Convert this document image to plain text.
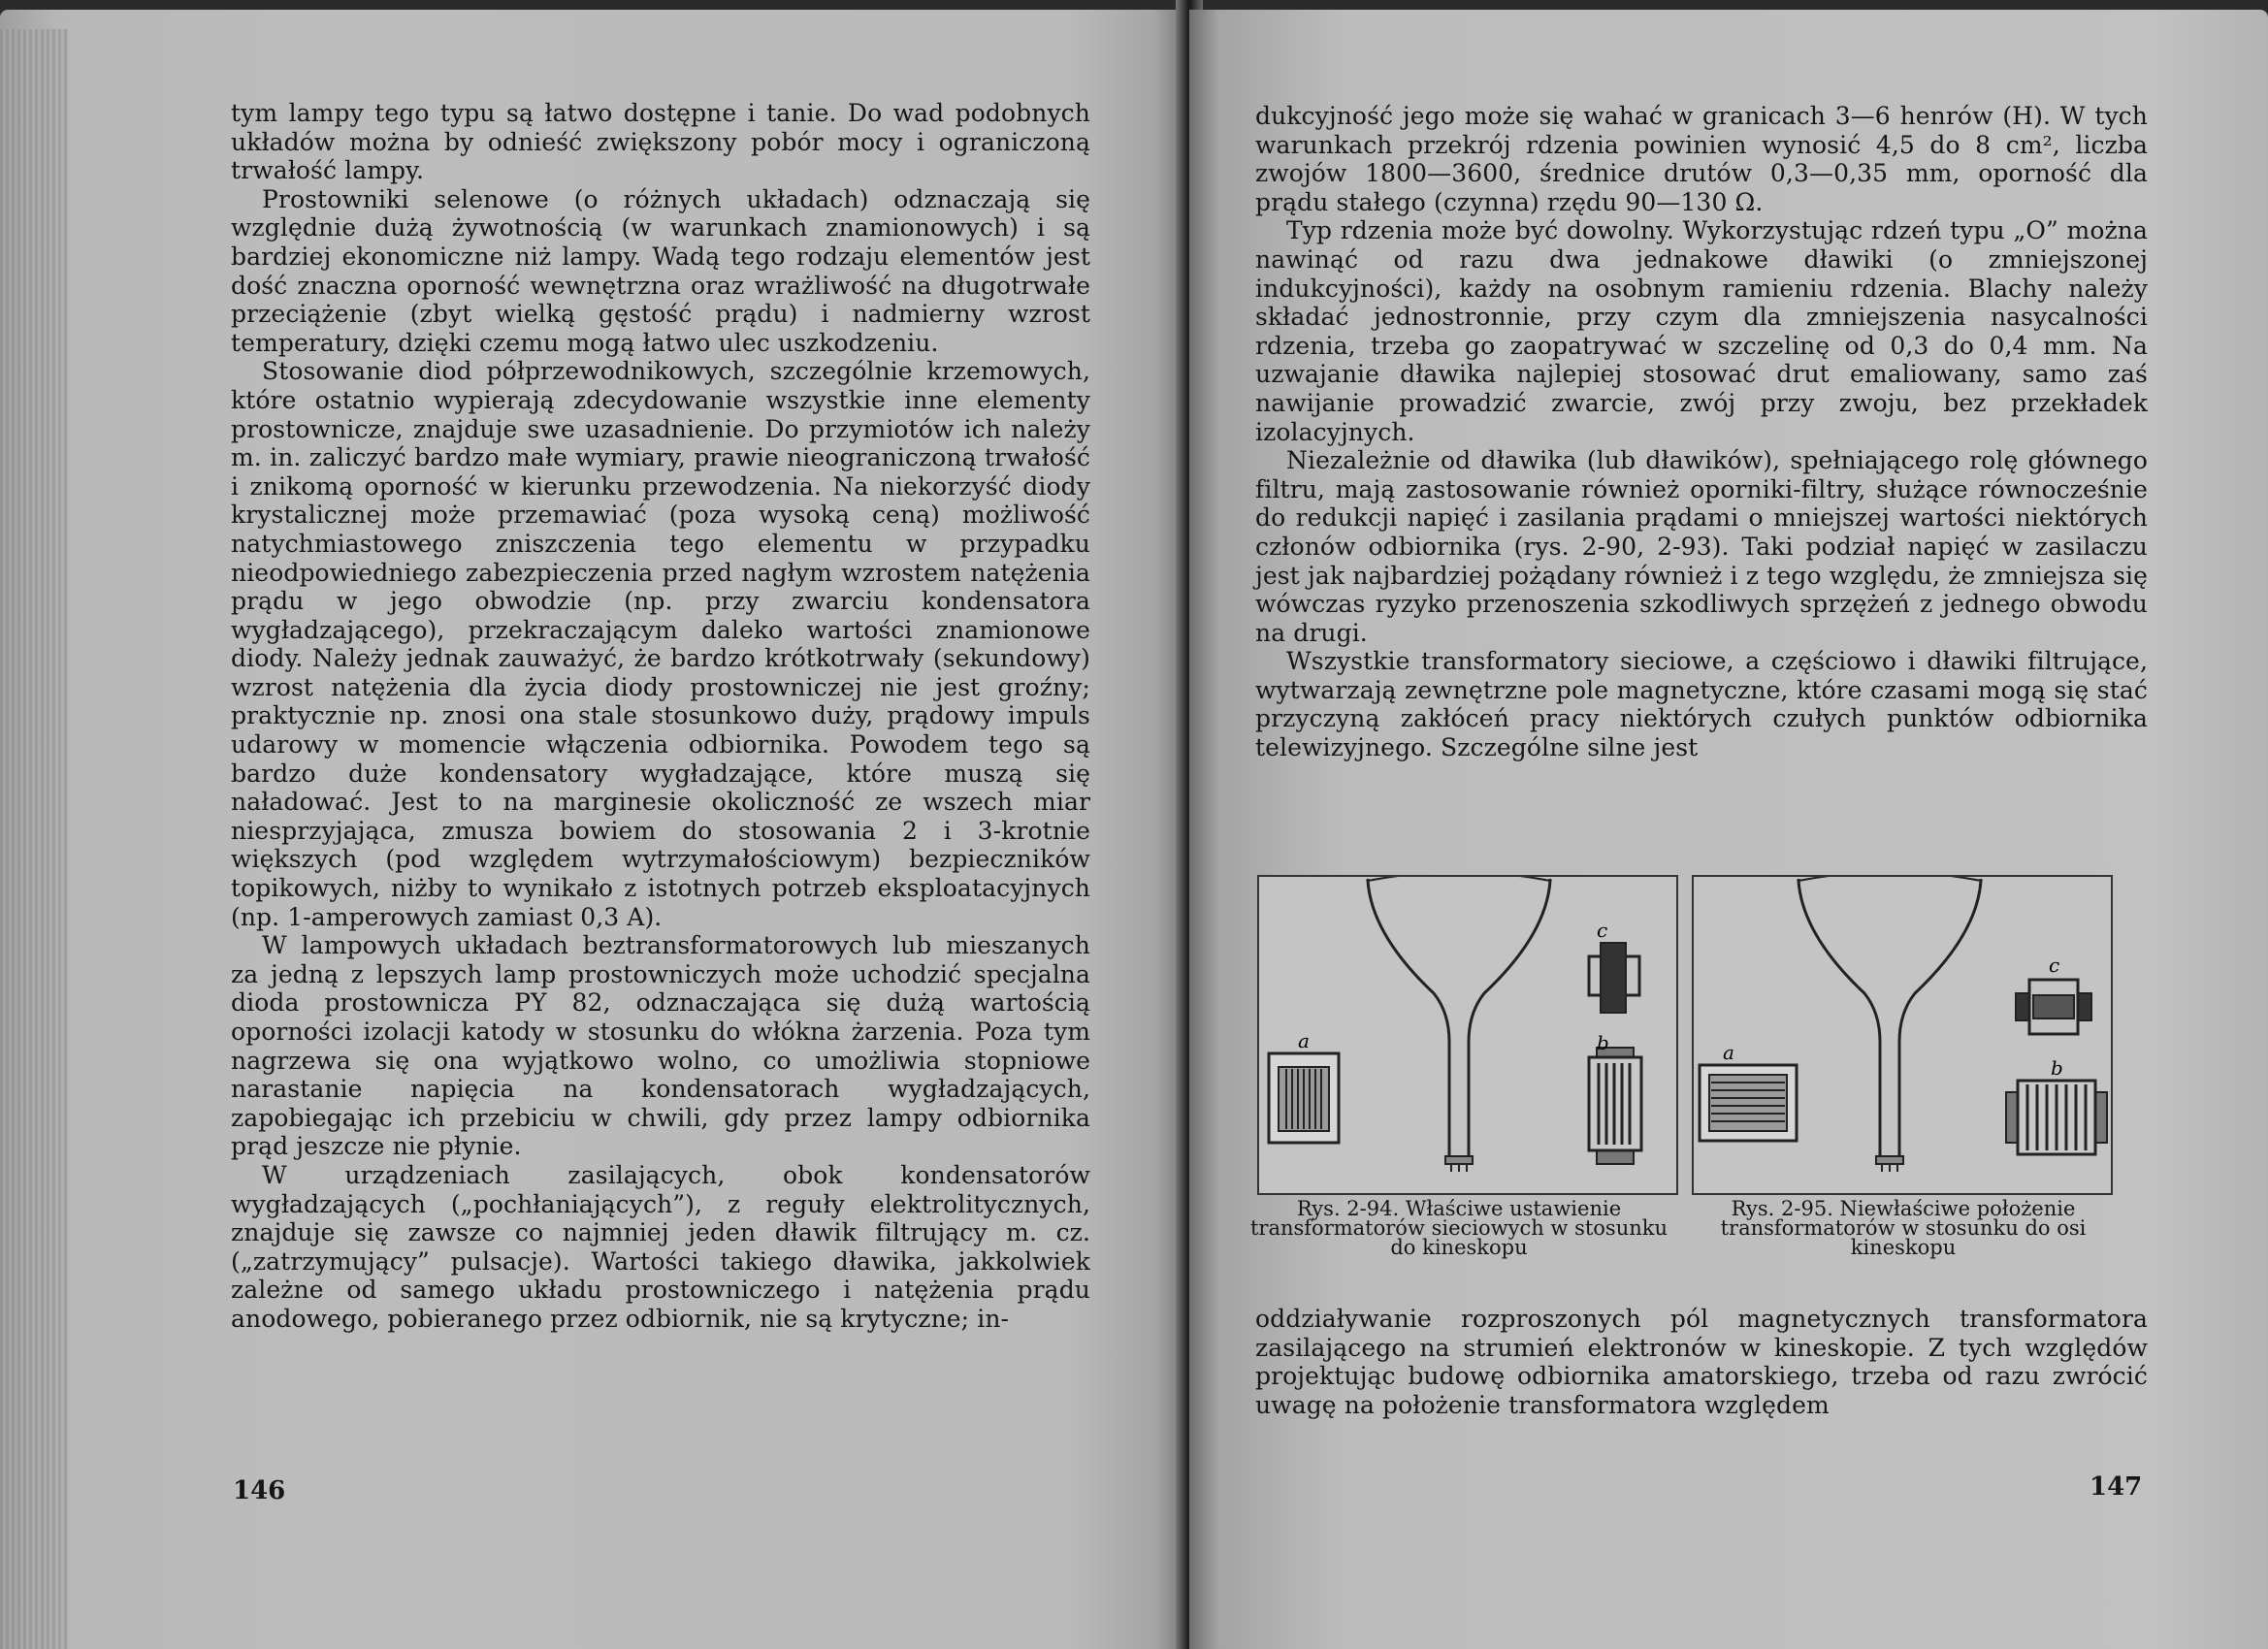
tym lampy tego typu są łatwo dostępne i tanie. Do wad podobnych układów można by odnieść zwiększony pobór mocy i ograniczoną trwałość lampy.

Prostowniki selenowe (o różnych układach) odznaczają się względnie dużą żywotnością (w warunkach znamionowych) i są bardziej ekonomiczne niż lampy. Wadą tego rodzaju elementów jest dość znaczna oporność wewnętrzna oraz wrażliwość na długotrwałe przeciążenie (zbyt wielką gęstość prądu) i nadmierny wzrost temperatury, dzięki czemu mogą łatwo ulec uszkodzeniu.

Stosowanie diod półprzewodnikowych, szczególnie krzemowych, które ostatnio wypierają zdecydowanie wszystkie inne elementy prostownicze, znajduje swe uzasadnienie. Do przymiotów ich należy m. in. zaliczyć bardzo małe wymiary, prawie nieograniczoną trwałość i znikomą oporność w kierunku przewodzenia. Na niekorzyść diody krystalicznej może przemawiać (poza wysoką ceną) możliwość natychmiastowego zniszczenia tego elementu w przypadku nieodpowiedniego zabezpieczenia przed nagłym wzrostem natężenia prądu w jego obwodzie (np. przy zwarciu kondensatora wygładzającego), przekraczającym daleko wartości znamionowe diody. Należy jednak zauważyć, że bardzo krótkotrwały (sekundowy) wzrost natężenia dla życia diody prostowniczej nie jest groźny; praktycznie np. znosi ona stale stosunkowo duży, prądowy impuls udarowy w momencie włączenia odbiornika. Powodem tego są bardzo duże kondensatory wygładzające, które muszą się naładować. Jest to na marginesie okoliczność ze wszech miar niesprzyjająca, zmusza bowiem do stosowania 2 i 3-krotnie większych (pod względem wytrzymałościowym) bezpieczników topikowych, niżby to wynikało z istotnych potrzeb eksploatacyjnych (np. 1-amperowych zamiast 0,3 A).

W lampowych układach beztransformatorowych lub mieszanych za jedną z lepszych lamp prostowniczych może uchodzić specjalna dioda prostownicza PY 82, odznaczająca się dużą wartością oporności izolacji katody w stosunku do włókna żarzenia. Poza tym nagrzewa się ona wyjątkowo wolno, co umożliwia stopniowe narastanie napięcia na kondensatorach wygładzających, zapobiegając ich przebiciu w chwili, gdy przez lampy odbiornika prąd jeszcze nie płynie.

W urządzeniach zasilających, obok kondensatorów wygładzających („pochłaniających”), z reguły elektrolitycznych, znajduje się zawsze co najmniej jeden dławik filtrujący m. cz. („zatrzymujący” pulsacje). Wartości takiego dławika, jakkolwiek zależne od samego układu prostowniczego i natężenia prądu anodowego, pobieranego przez odbiornik, nie są krytyczne; in-

146

dukcyjność jego może się wahać w granicach 3—6 henrów (H). W tych warunkach przekrój rdzenia powinien wynosić 4,5 do 8 cm², liczba zwojów 1800—3600, średnice drutów 0,3—0,35 mm, oporność dla prądu stałego (czynna) rzędu 90—130 Ω.

Typ rdzenia może być dowolny. Wykorzystując rdzeń typu „O” można nawinąć od razu dwa jednakowe dławiki (o zmniejszonej indukcyjności), każdy na osobnym ramieniu rdzenia. Blachy należy składać jednostronnie, przy czym dla zmniejszenia nasycalności rdzenia, trzeba go zaopatrywać w szczelinę od 0,3 do 0,4 mm. Na uzwajanie dławika najlepiej stosować drut emaliowany, samo zaś nawijanie prowadzić zwarcie, zwój przy zwoju, bez przekładek izolacyjnych.

Niezależnie od dławika (lub dławików), spełniającego rolę głównego filtru, mają zastosowanie również oporniki-filtry, służące równocześnie do redukcji napięć i zasilania prądami o mniejszej wartości niektórych członów odbiornika (rys. 2-90, 2-93). Taki podział napięć w zasilaczu jest jak najbardziej pożądany również i z tego względu, że zmniejsza się wówczas ryzyko przenoszenia szkodliwych sprzężeń z jednego obwodu na drugi.

Wszystkie transformatory sieciowe, a częściowo i dławiki filtrujące, wytwarzają zewnętrzne pole magnetyczne, które czasami mogą się stać przyczyną zakłóceń pracy niektórych czułych punktów odbiornika telewizyjnego. Szczególne silne jest

a	b
c
a
b
c
Rys. 2-94. Właściwe ustawienie transformatorów sieciowych w stosunku do kineskopu
Rys. 2-95. Niewłaściwe położenie transformatorów w stosunku do osi kineskopu

oddziaływanie rozproszonych pól magnetycznych transformatora zasilającego na strumień elektronów w kineskopie. Z tych względów projektując budowę odbiornika amatorskiego, trzeba od razu zwrócić uwagę na położenie transformatora względem

147
